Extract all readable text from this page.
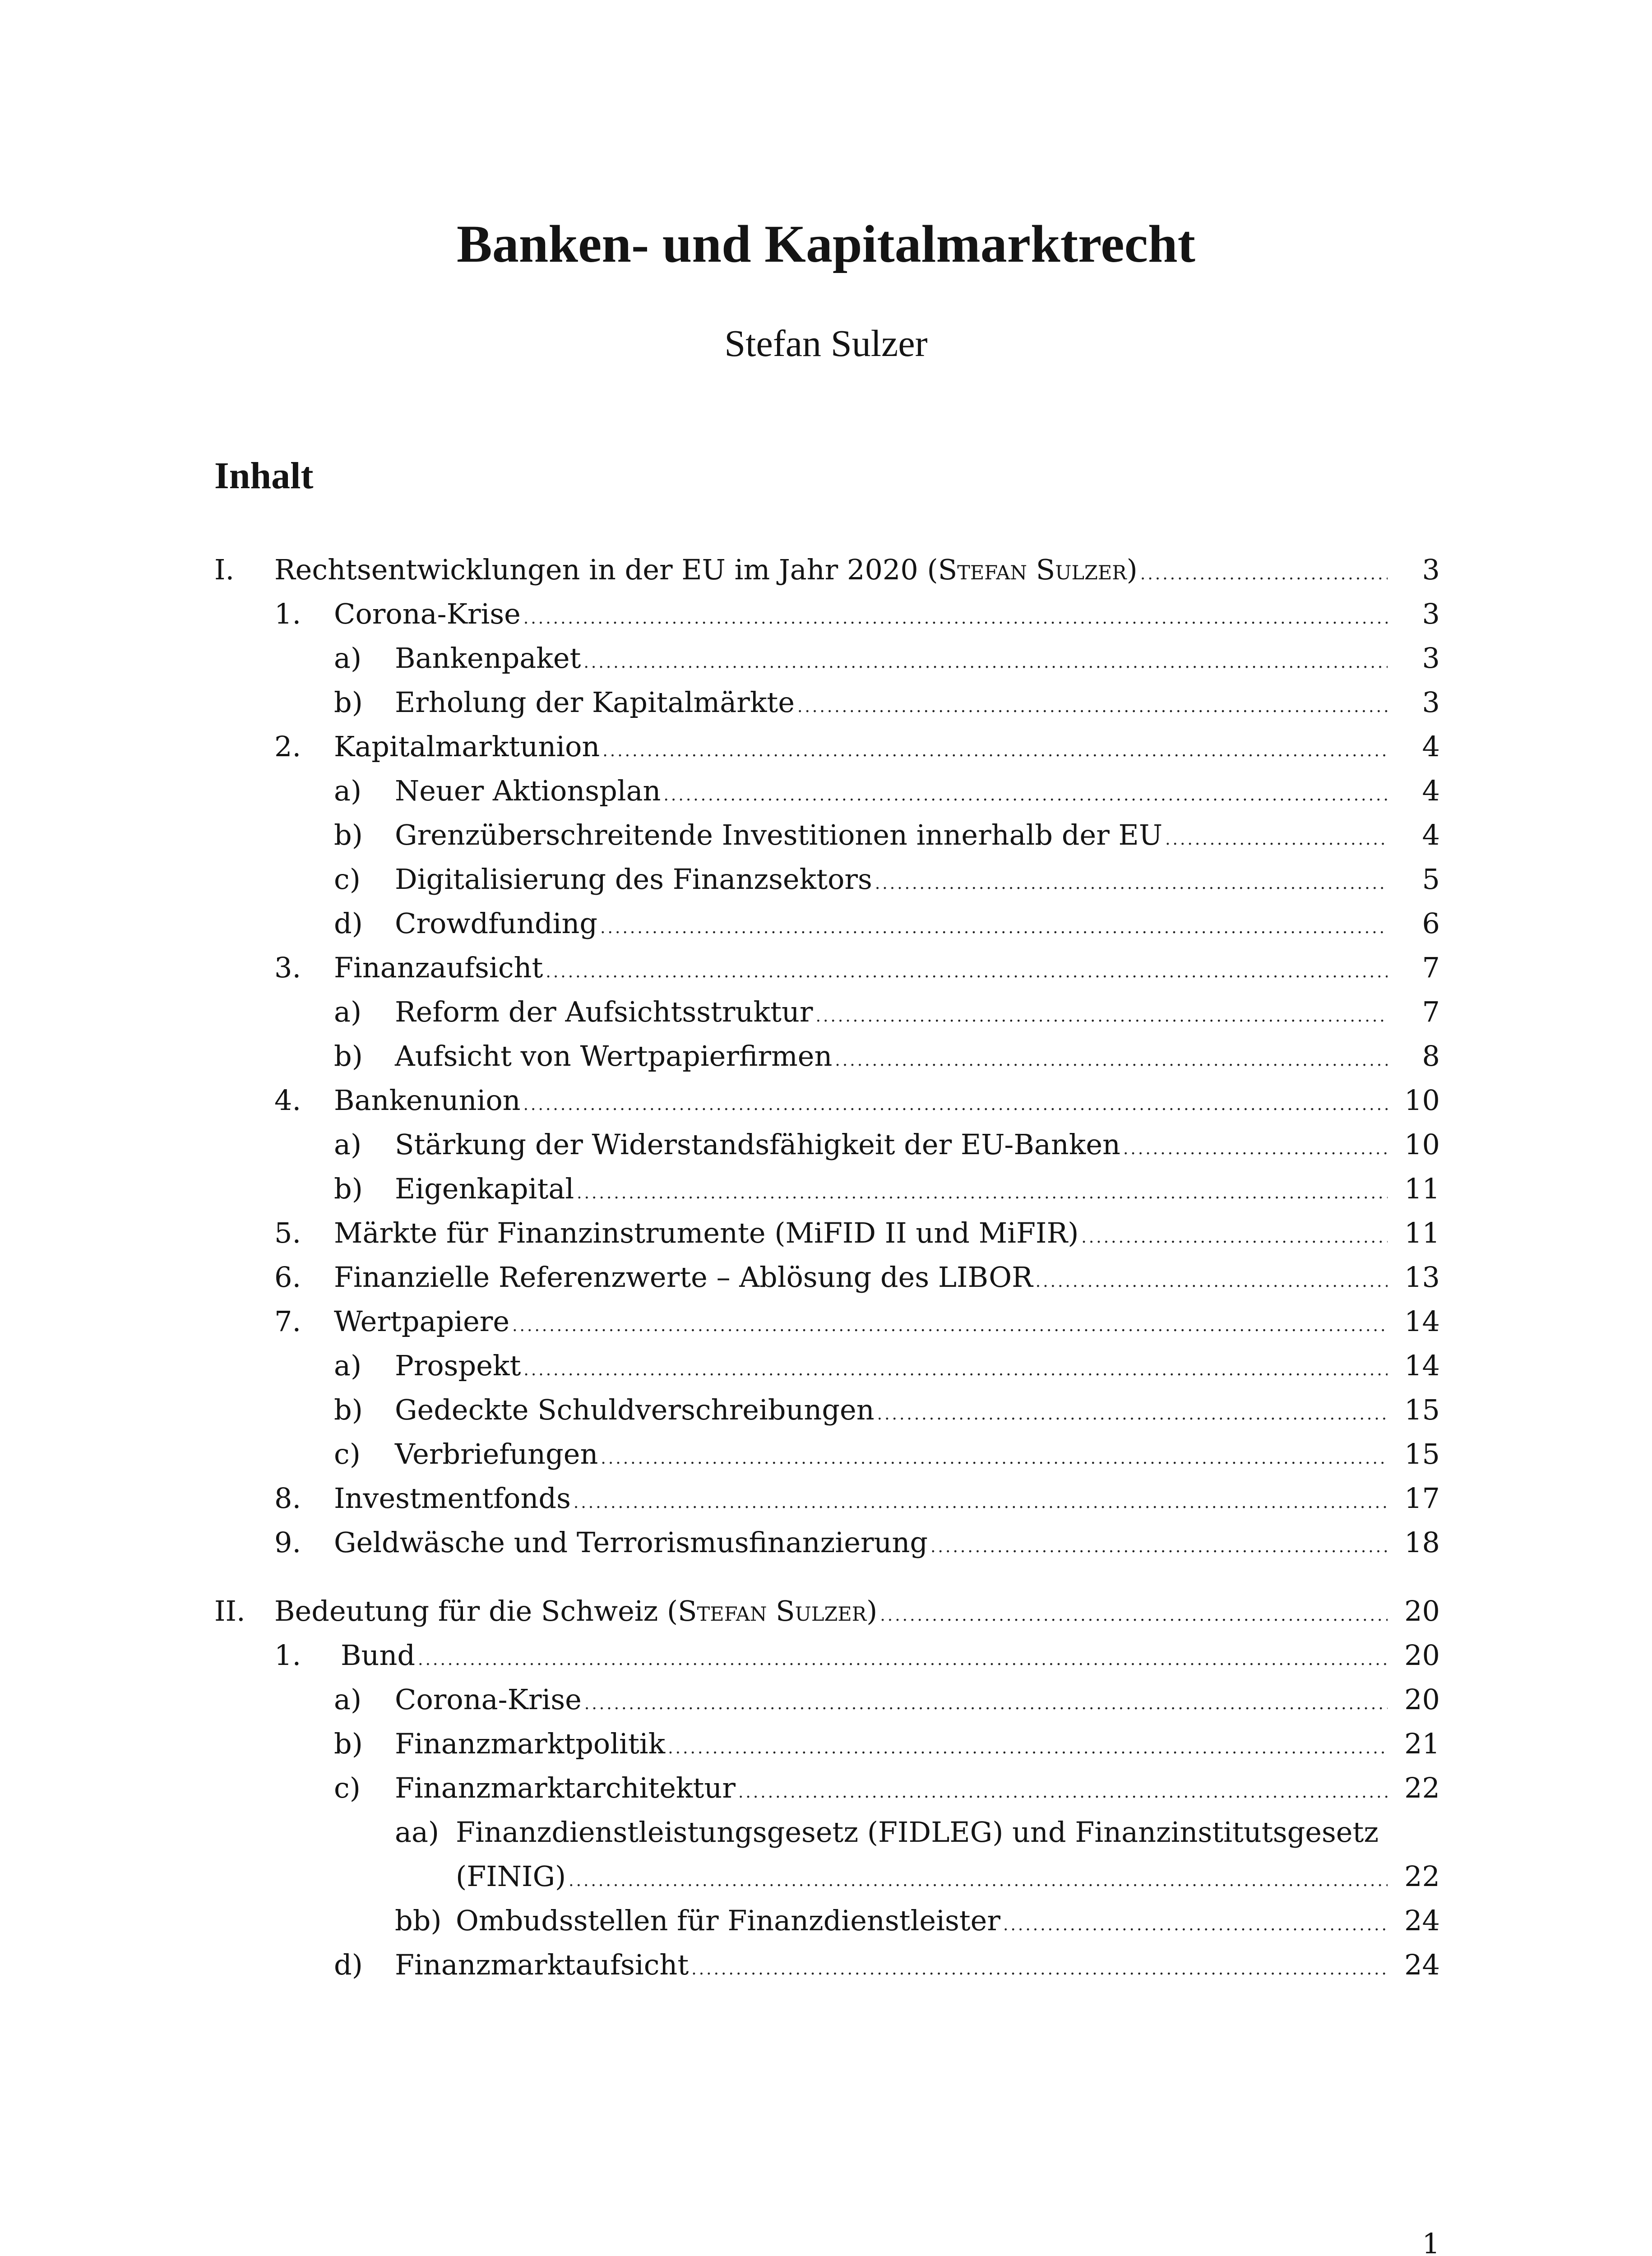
Banken- und Kapitalmarktrecht
Stefan Sulzer
Inhalt
I. Rechtsentwicklungen in der EU im Jahr 2020 (Stefan Sulzer) .....	3
1. Corona-Krise .....	3
a) Bankenpaket .....	3
b) Erholung der Kapitalmärkte .....	3
2. Kapitalmarktunion .....	4
a) Neuer Aktionsplan .....	4
b) Grenzüberschreitende Investitionen innerhalb der EU .....	4
c) Digitalisierung des Finanzsektors .....	5
d) Crowdfunding .....	6
3. Finanzaufsicht .....	7
a) Reform der Aufsichtsstruktur .....	7
b) Aufsicht von Wertpapierfirmen .....	8
4. Bankenunion .....	10
a) Stärkung der Widerstandsfähigkeit der EU-Banken .....	10
b) Eigenkapital .....	11
5. Märkte für Finanzinstrumente (MiFID II und MiFIR) .....	11
6. Finanzielle Referenzwerte – Ablösung des LIBOR .....	13
7. Wertpapiere .....	14
a) Prospekt .....	14
b) Gedeckte Schuldverschreibungen .....	15
c) Verbriefungen .....	15
8. Investmentfonds .....	17
9. Geldwäsche und Terrorismusfinanzierung .....	18
II. Bedeutung für die Schweiz (Stefan Sulzer) .....	20
1. Bund .....	20
a) Corona-Krise .....	20
b) Finanzmarktpolitik .....	21
c) Finanzmarktarchitektur .....	22
aa) Finanzdienstleistungsgesetz (FIDLEG) und Finanzinstitutsgesetz
(FINIG) .....	22
bb) Ombudsstellen für Finanzdienstleister .....	24
d) Finanzmarktaufsicht .....	24
1
